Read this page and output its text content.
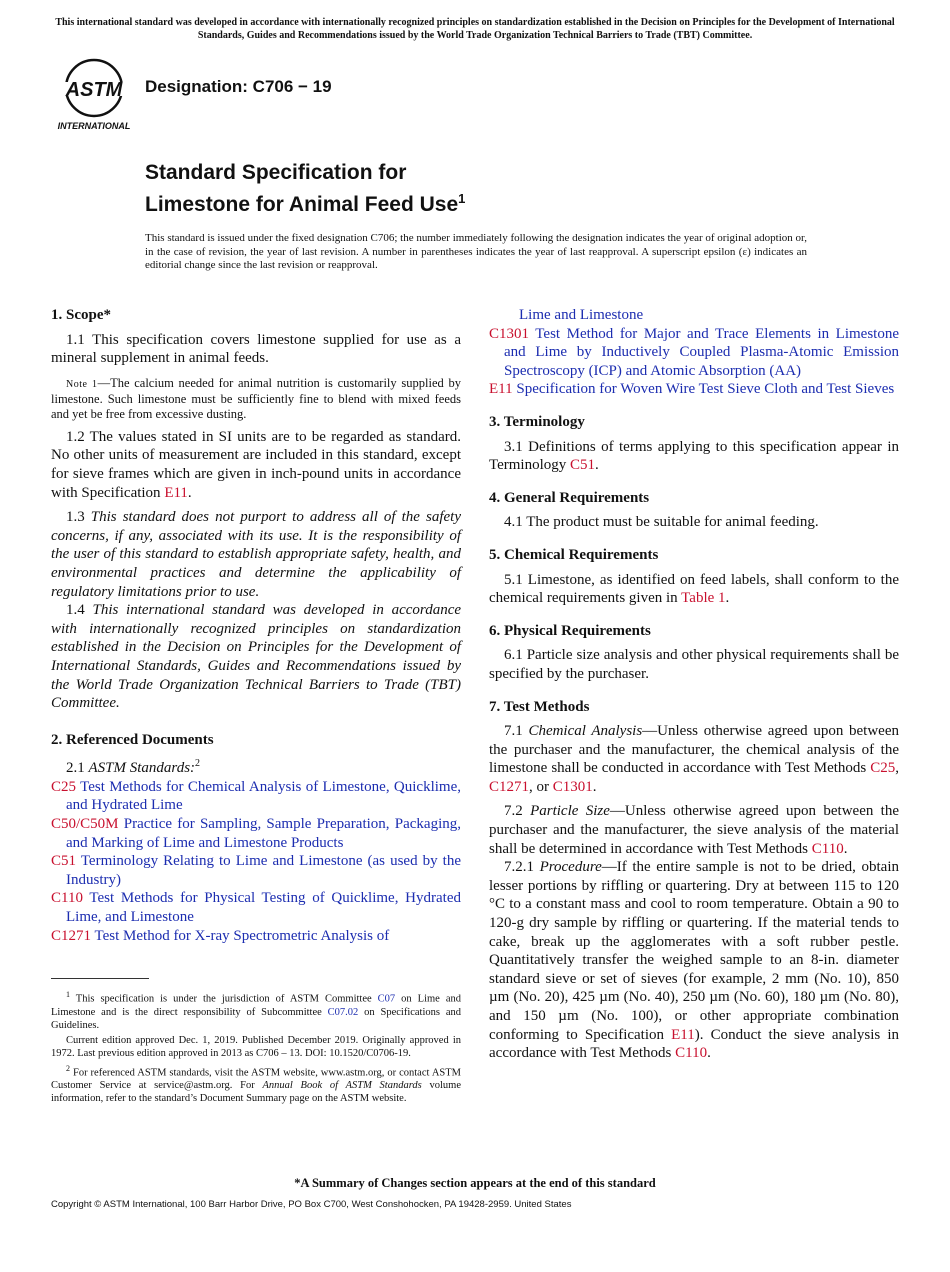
This international standard was developed in accordance with internationally recognized principles on standardization established in the Decision on Principles for the Development of International Standards, Guides and Recommendations issued by the World Trade Organization Technical Barriers to Trade (TBT) Committee.
ASTM
INTERNATIONAL
Designation: C706 − 19
Standard Specification for
Limestone for Animal Feed Use$^1$
This standard is issued under the fixed designation C706; the number immediately following the designation indicates the year of original adoption or, in the case of revision, the year of last revision. A number in parentheses indicates the year of last reapproval. A superscript epsilon (ε) indicates an editorial change since the last revision or reapproval.
1. Scope*

1.1 This specification covers limestone supplied for use as a mineral supplement in animal feeds.

Note 1—The calcium needed for animal nutrition is customarily supplied by limestone. Such limestone must be sufficiently fine to blend with mixed feeds and yet be free from excessive dusting.

1.2 The values stated in SI units are to be regarded as standard. No other units of measurement are included in this standard, except for sieve frames which are given in inch-pound units in accordance with Specification E11.

1.3 This standard does not purport to address all of the safety concerns, if any, associated with its use. It is the responsibility of the user of this standard to establish appropriate safety, health, and environmental practices and determine the applicability of regulatory limitations prior to use.

1.4 This international standard was developed in accordance with internationally recognized principles on standardization established in the Decision on Principles for the Development of International Standards, Guides and Recommendations issued by the World Trade Organization Technical Barriers to Trade (TBT) Committee.

2. Referenced Documents

2.1 ASTM Standards:$^2$

C25 Test Methods for Chemical Analysis of Limestone, Quicklime, and Hydrated Lime

C50/C50M Practice for Sampling, Sample Preparation, Packaging, and Marking of Lime and Limestone Products

C51 Terminology Relating to Lime and Limestone (as used by the Industry)

C110 Test Methods for Physical Testing of Quicklime, Hydrated Lime, and Limestone

C1271 Test Method for X-ray Spectrometric Analysis of

$^1$ This specification is under the jurisdiction of ASTM Committee C07 on Lime and Limestone and is the direct responsibility of Subcommittee C07.02 on Specifications and Guidelines.

Current edition approved Dec. 1, 2019. Published December 2019. Originally approved in 1972. Last previous edition approved in 2013 as C706 – 13. DOI: 10.1520/C0706-19.

$^2$ For referenced ASTM standards, visit the ASTM website, www.astm.org, or contact ASTM Customer Service at service@astm.org. For Annual Book of ASTM Standards volume information, refer to the standard’s Document Summary page on the ASTM website.

Lime and Limestone

C1301 Test Method for Major and Trace Elements in Limestone and Lime by Inductively Coupled Plasma-Atomic Emission Spectroscopy (ICP) and Atomic Absorption (AA)

E11 Specification for Woven Wire Test Sieve Cloth and Test Sieves

3. Terminology

3.1 Definitions of terms applying to this specification appear in Terminology C51.

4. General Requirements

4.1 The product must be suitable for animal feeding.

5. Chemical Requirements

5.1 Limestone, as identified on feed labels, shall conform to the chemical requirements given in Table 1.

6. Physical Requirements

6.1 Particle size analysis and other physical requirements shall be specified by the purchaser.

7. Test Methods

7.1 Chemical Analysis—Unless otherwise agreed upon between the purchaser and the manufacturer, the chemical analysis of the limestone shall be conducted in accordance with Test Methods C25, C1271, or C1301.

7.2 Particle Size—Unless otherwise agreed upon between the purchaser and the manufacturer, the sieve analysis of the material shall be determined in accordance with Test Methods C110.

7.2.1 Procedure—If the entire sample is not to be dried, obtain lesser portions by riffling or quartering. Dry at between 115 to 120 °C to a constant mass and cool to room temperature. Obtain a 90 to 120-g dry sample by riffling or quartering. If the material tends to cake, break up the agglomerates with a soft rubber pestle. Quantitatively transfer the weighed sample to an 8-in. diameter standard sieve or set of sieves (for example, 2 mm (No. 10), 850 µm (No. 20), 425 µm (No. 40), 250 µm (No. 60), 180 µm (No. 80), and 150 µm (No. 100), or other appropriate combination conforming to Specification E11). Conduct the sieve analysis in accordance with Test Methods C110.

*A Summary of Changes section appears at the end of this standard
Copyright © ASTM International, 100 Barr Harbor Drive, PO Box C700, West Conshohocken, PA 19428-2959. United States
